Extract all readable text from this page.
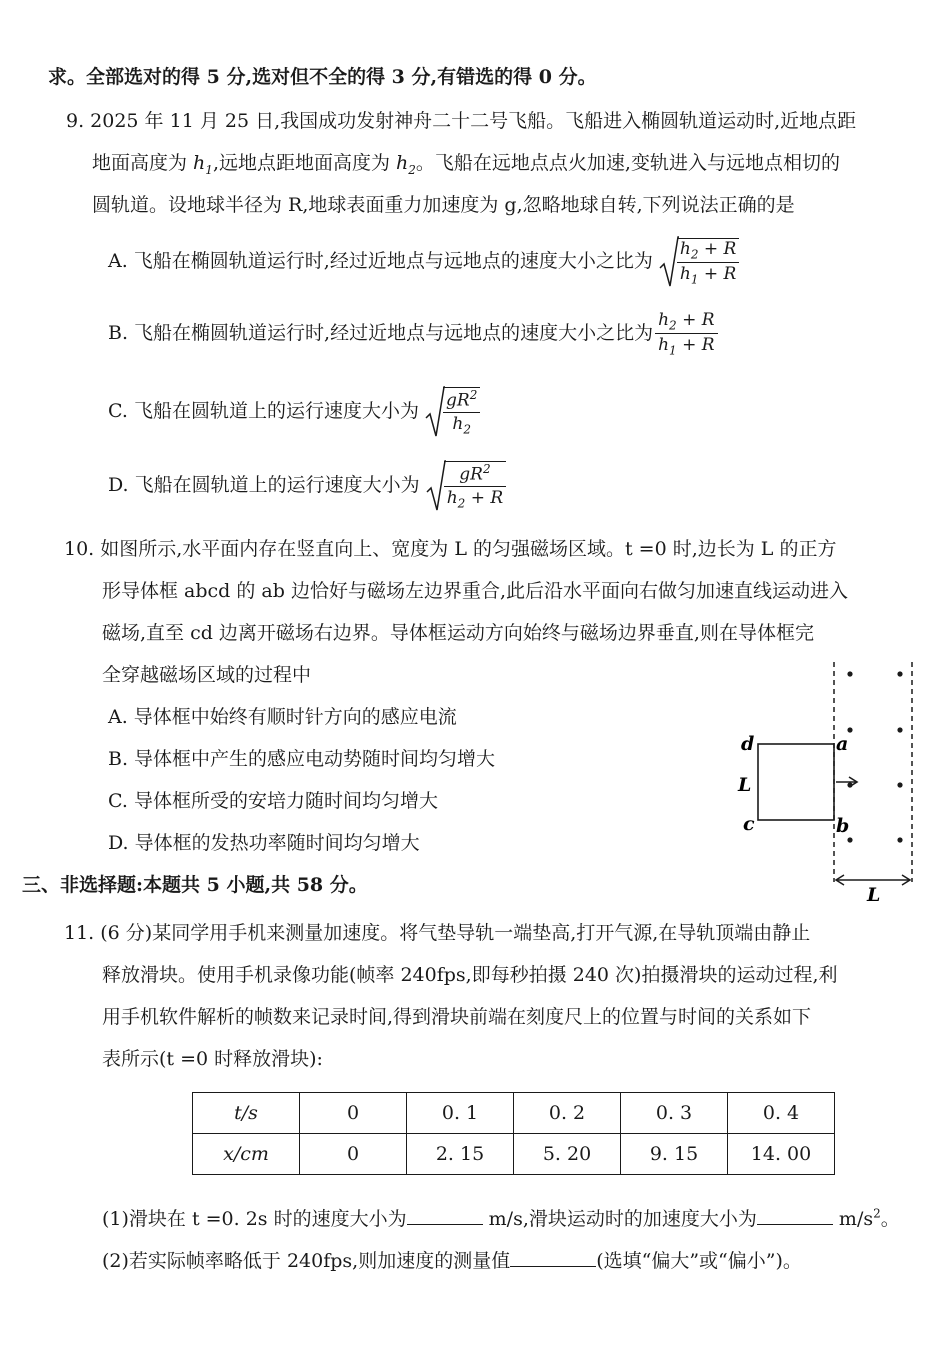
求。全部选对的得 5 分,选对但不全的得 3 分,有错选的得 0 分。
9. 2025 年 11 月 25 日,我国成功发射神舟二十二号飞船。飞船进入椭圆轨道运动时,近地点距
地面高度为 $h_1$,远地点距地面高度为 $h_2$。飞船在远地点点火加速,变轨进入与远地点相切的
圆轨道。设地球半径为 R,地球表面重力加速度为 g,忽略地球自转,下列说法正确的是
A. 飞船在椭圆轨道运行时,经过近地点与远地点的速度大小之比为 $\frac{h_2 + R}{h_1 + R}$
B. 飞船在椭圆轨道运行时,经过近地点与远地点的速度大小之比为 $\frac{h_2 + R}{h_1 + R}$
C. 飞船在圆轨道上的运行速度大小为 $\frac{gR^2}{h_2}$
D. 飞船在圆轨道上的运行速度大小为 $\frac{gR^2}{h_2 + R}$
10. 如图所示,水平面内存在竖直向上、宽度为 L 的匀强磁场区域。t =0 时,边长为 L 的正方
形导体框 abcd 的 ab 边恰好与磁场左边界重合,此后沿水平面向右做匀加速直线运动进入
磁场,直至 cd 边离开磁场右边界。导体框运动方向始终与磁场边界垂直,则在导体框完
全穿越磁场区域的过程中
A. 导体框中始终有顺时针方向的感应电流
B. 导体框中产生的感应电动势随时间均匀增大
C. 导体框所受的安培力随时间均匀增大
D. 导体框的发热功率随时间均匀增大
d	a
L
c	b
L
三、非选择题:本题共 5 小题,共 58 分。
11. (6 分)某同学用手机来测量加速度。将气垫导轨一端垫高,打开气源,在导轨顶端由静止
释放滑块。使用手机录像功能(帧率 240fps,即每秒拍摄 240 次)拍摄滑块的运动过程,利
用手机软件解析的帧数来记录时间,得到滑块前端在刻度尺上的位置与时间的关系如下
表所示(t =0 时释放滑块):
t/s	0	0. 1	0. 2	0. 3	0. 4
x/cm	0	2. 15	5. 20	9. 15	14. 00
(1)滑块在 t =0. 2s 时的速度大小为	m/s,滑块运动时的加速度大小为	$m/s^2$。
(2)若实际帧率略低于 240fps,则加速度的测量值	(选填“偏大”或“偏小”)。
